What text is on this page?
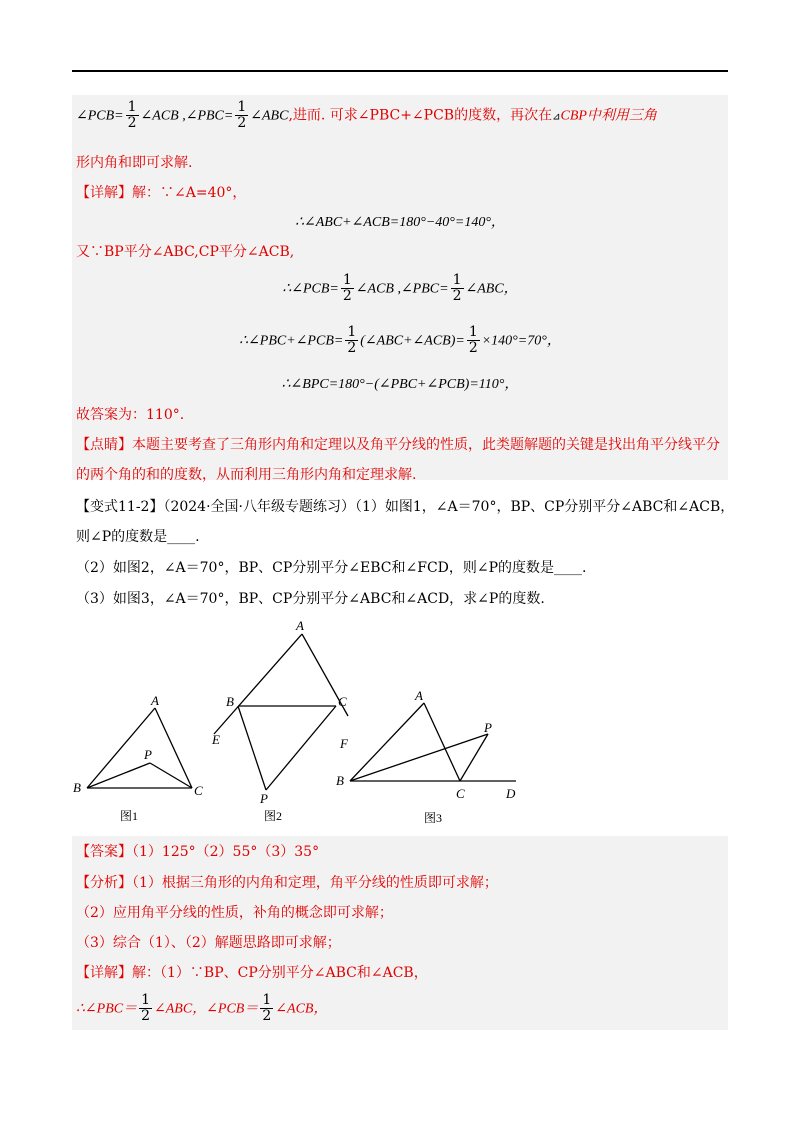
∠PCB= $\frac{1}{2}$ ∠ACB ,∠PBC= $\frac{1}{2}$ ∠ABC,进而. 可求∠PBC+∠PCB的度数，再次在⊿CBP中利用三角
形内角和即可求解.
【详解】解：∵∠A=40°，
∴∠ABC+∠ACB=180°−40°=140°，
又∵BP平分∠ABC,CP平分∠ACB,
∴∠PCB= $\frac{1}{2}$ ∠ACB ,∠PBC= $\frac{1}{2}$ ∠ABC，
∴∠PBC+∠PCB= $\frac{1}{2}$ (∠ABC+∠ACB)= $\frac{1}{2} \times 140^\circ=70^\circ$，
∴∠BPC=180°−(∠PBC+∠PCB)=110°，
故答案为：110°.
【点睛】本题主要考查了三角形内角和定理以及角平分线的性质，此类题解题的关键是找出角平分线平分
的两个角的和的度数，从而利用三角形内角和定理求解.
【变式11-2】（2024·全国·八年级专题练习）（1）如图1，∠A＝70°，BP、CP分别平分∠ABC和∠ACB，
则∠P的度数是____.
（2）如图2，∠A＝70°，BP、CP分别平分∠EBC和∠FCD，则∠P的度数是____.
（3）如图3，∠A＝70°，BP、CP分别平分∠ABC和∠ACD，求∠P的度数.
A
B	C
P
图1
A
B	C
E	F
P
图2
A
B
C	D
P
图3
【答案】（1）125°（2）55°（3）35°
【分析】（1）根据三角形的内角和定理，角平分线的性质即可求解；
（2）应用角平分线的性质，补角的概念即可求解；
（3）综合（1）、（2）解题思路即可求解；
【详解】解：（1）∵BP、CP分别平分∠ABC和∠ACB，
∴∠PBC＝ $\frac{1}{2}$ ∠ABC，∠PCB＝ $\frac{1}{2}$ ∠ACB，
